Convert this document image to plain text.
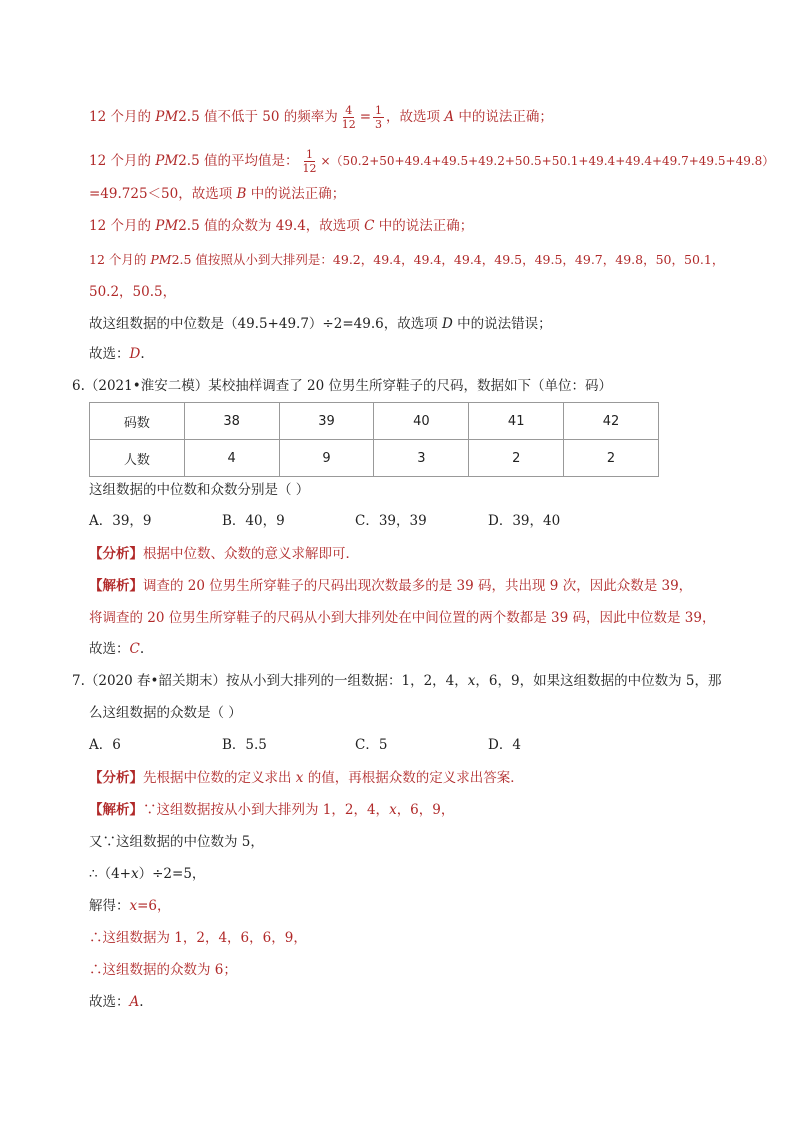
12 个月的 PM2.5 值不低于 50 的频率为 $\frac{4}{12} = \frac{1}{3}$ ，故选项 A 中的说法正确；
12 个月的 PM2.5 值的平均值是： $\frac{1}{12} \times(50.2+50+49.4+49.5+49.2+50.5+50.1+49.4+49.4+49.7+49.5+49.8)$
=49.725＜50，故选项 B 中的说法正确；
12 个月的 PM2.5 值的众数为 49.4，故选项 C 中的说法正确；
12 个月的 PM2.5 值按照从小到大排列是：49.2，49.4，49.4，49.4，49.5，49.5，49.7，49.8，50，50.1，
50.2，50.5，
故这组数据的中位数是（49.5+49.7）÷2=49.6，故选项 D 中的说法错误；
故选：D.
6.（2021•淮安二模）某校抽样调查了 20 位男生所穿鞋子的尺码，数据如下（单位：码）
码数	38	39	40	41	42
人数	4	9	3	2	2
这组数据的中位数和众数分别是（ ）
A．39，9	B．40，9	C．39，39	D．39，40
【分析】根据中位数、众数的意义求解即可．
【解析】调查的 20 位男生所穿鞋子的尺码出现次数最多的是 39 码，共出现 9 次，因此众数是 39，
将调查的 20 位男生所穿鞋子的尺码从小到大排列处在中间位置的两个数都是 39 码，因此中位数是 39，
故选：C.
7.（2020 春•韶关期末）按从小到大排列的一组数据：1，2，4，x，6，9，如果这组数据的中位数为 5，那
么这组数据的众数是（ ）
A．6	B．5.5	C．5	D．4
【分析】先根据中位数的定义求出 x 的值，再根据众数的定义求出答案．
【解析】∵这组数据按从小到大排列为 1，2，4，x，6，9，
又∵这组数据的中位数为 5，
∴（4+x）÷2=5，
解得：x=6，
∴这组数据为 1，2，4，6，6，9，
∴这组数据的众数为 6；
故选：A.
